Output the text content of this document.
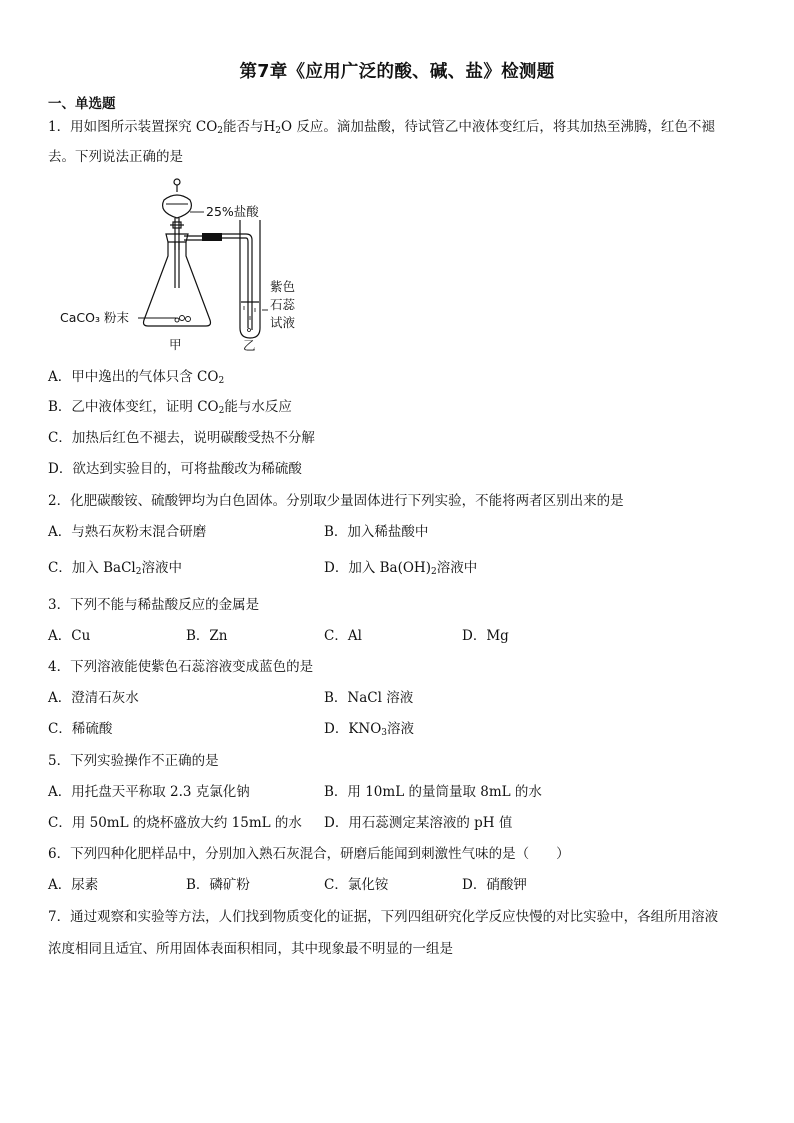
第7章《应用广泛的酸、碱、盐》检测题
一、单选题
1．用如图所示装置探究 $CO_2$能否与$H_2O$ 反应。滴加盐酸，待试管乙中液体变红后，将其加热至沸腾，红色不褪
去。下列说法正确的是
25%盐酸
CaCO₃ 粉末
紫色
石蕊
试液
甲	乙
A．甲中逸出的气体只含 $CO_2$
B．乙中液体变红，证明 $CO_2$能与水反应
C．加热后红色不褪去，说明碳酸受热不分解
D．欲达到实验目的，可将盐酸改为稀硫酸
2．化肥碳酸铵、硫酸钾均为白色固体。分别取少量固体进行下列实验，不能将两者区别出来的是
A．与熟石灰粉末混合研磨	B．加入稀盐酸中
C．加入 BaCl$_2$溶液中	D．加入 $Ba(OH)_2$溶液中
3．下列不能与稀盐酸反应的金属是
A．Cu	B．Zn	C．Al	D．Mg
4．下列溶液能使紫色石蕊溶液变成蓝色的是
A．澄清石灰水	B．NaCl 溶液
C．稀硫酸	D．$KNO_3$溶液
5．下列实验操作不正确的是
A．用托盘天平称取 2.3 克氯化钠	B．用 10mL 的量筒量取 8mL 的水
C．用 50mL 的烧杯盛放大约 15mL 的水 D．用石蕊测定某溶液的 pH 值
6．下列四种化肥样品中，分别加入熟石灰混合，研磨后能闻到刺激性气味的是（　　）
A．尿素	B．磷矿粉	C．氯化铵	D．硝酸钾
7．通过观察和实验等方法，人们找到物质变化的证据，下列四组研究化学反应快慢的对比实验中，各组所用溶液
浓度相同且适宜、所用固体表面积相同，其中现象最不明显的一组是
